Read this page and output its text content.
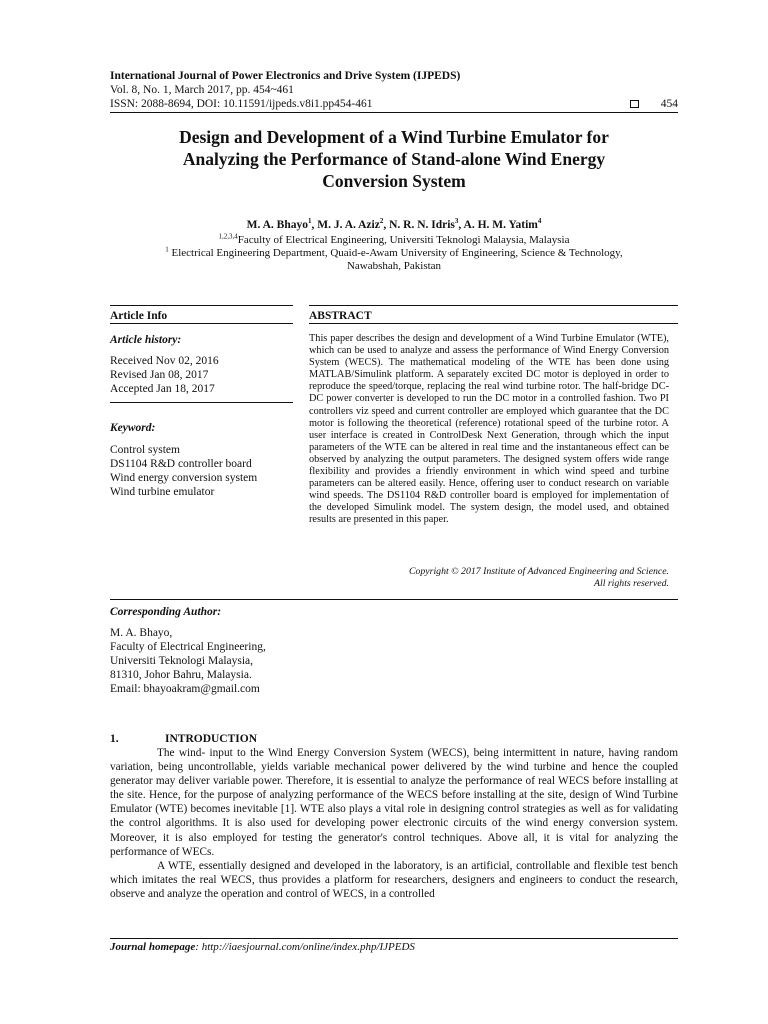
International Journal of Power Electronics and Drive System (IJPEDS)
Vol. 8, No. 1, March 2017, pp. 454~461
ISSN: 2088-8694, DOI: 10.11591/ijpeds.v8i1.pp454-461	454
Design and Development of a Wind Turbine Emulator for
Analyzing the Performance of Stand-alone Wind Energy
Conversion System
M. A. Bhayo$^1$, M. J. A. Aziz$^2$, N. R. N. Idris$^3$, A. H. M. Yatim$^4$
$^{1,2,3,4}$Faculty of Electrical Engineering, Universiti Teknologi Malaysia, Malaysia
$^1$ Electrical Engineering Department, Quaid-e-Awam University of Engineering, Science & Technology,
Nawabshah, Pakistan
Article Info
Article history:
Received Nov 02, 2016
Revised Jan 08, 2017
Accepted Jan 18, 2017
Keyword:
Control system
DS1104 R&D controller board
Wind energy conversion system
Wind turbine emulator
ABSTRACT
This paper describes the design and development of a Wind Turbine Emulator (WTE), which can be used to analyze and assess the performance of Wind Energy Conversion System (WECS). The mathematical modeling of the WTE has been done using MATLAB/Simulink platform. A separately excited DC motor is deployed in order to reproduce the speed/torque, replacing the real wind turbine rotor. The half-bridge DC-DC power converter is developed to run the DC motor in a controlled fashion. Two PI controllers viz speed and current controller are employed which guarantee that the DC motor is following the theoretical (reference) rotational speed of the turbine rotor. A user interface is created in ControlDesk Next Generation, through which the input parameters of the WTE can be altered in real time and the instantaneous effect can be observed by analyzing the output parameters. The designed system offers wide range flexibility and provides a friendly environment in which wind speed and turbine parameters can be altered easily. Hence, offering user to conduct research on variable wind speeds. The DS1104 R&D controller board is employed for implementation of the developed Simulink model. The system design, the model used, and obtained results are presented in this paper.
Copyright © 2017 Institute of Advanced Engineering and Science.
All rights reserved.
Corresponding Author:
M. A. Bhayo,
Faculty of Electrical Engineering,
Universiti Teknologi Malaysia,
81310, Johor Bahru, Malaysia.
Email: bhayoakram@gmail.com
1.	INTRODUCTION

The wind- input to the Wind Energy Conversion System (WECS), being intermittent in nature, having random variation, being uncontrollable, yields variable mechanical power delivered by the wind turbine and hence the coupled generator may deliver variable power. Therefore, it is essential to analyze the performance of real WECS before installing at the site. Hence, for the purpose of analyzing performance of the WECS before installing at the site, design of Wind Turbine Emulator (WTE) becomes inevitable [1]. WTE also plays a vital role in designing control strategies as well as for validating the control algorithms. It is also used for developing power electronic circuits of the wind energy conversion system. Moreover, it is also employed for testing the generator's control techniques. Above all, it is vital for analyzing the performance of WECs.

A WTE, essentially designed and developed in the laboratory, is an artificial, controllable and flexible test bench which imitates the real WECS, thus provides a platform for researchers, designers and engineers to conduct the research, observe and analyze the operation and control of WECS, in a controlled

Journal homepage: http://iaesjournal.com/online/index.php/IJPEDS
